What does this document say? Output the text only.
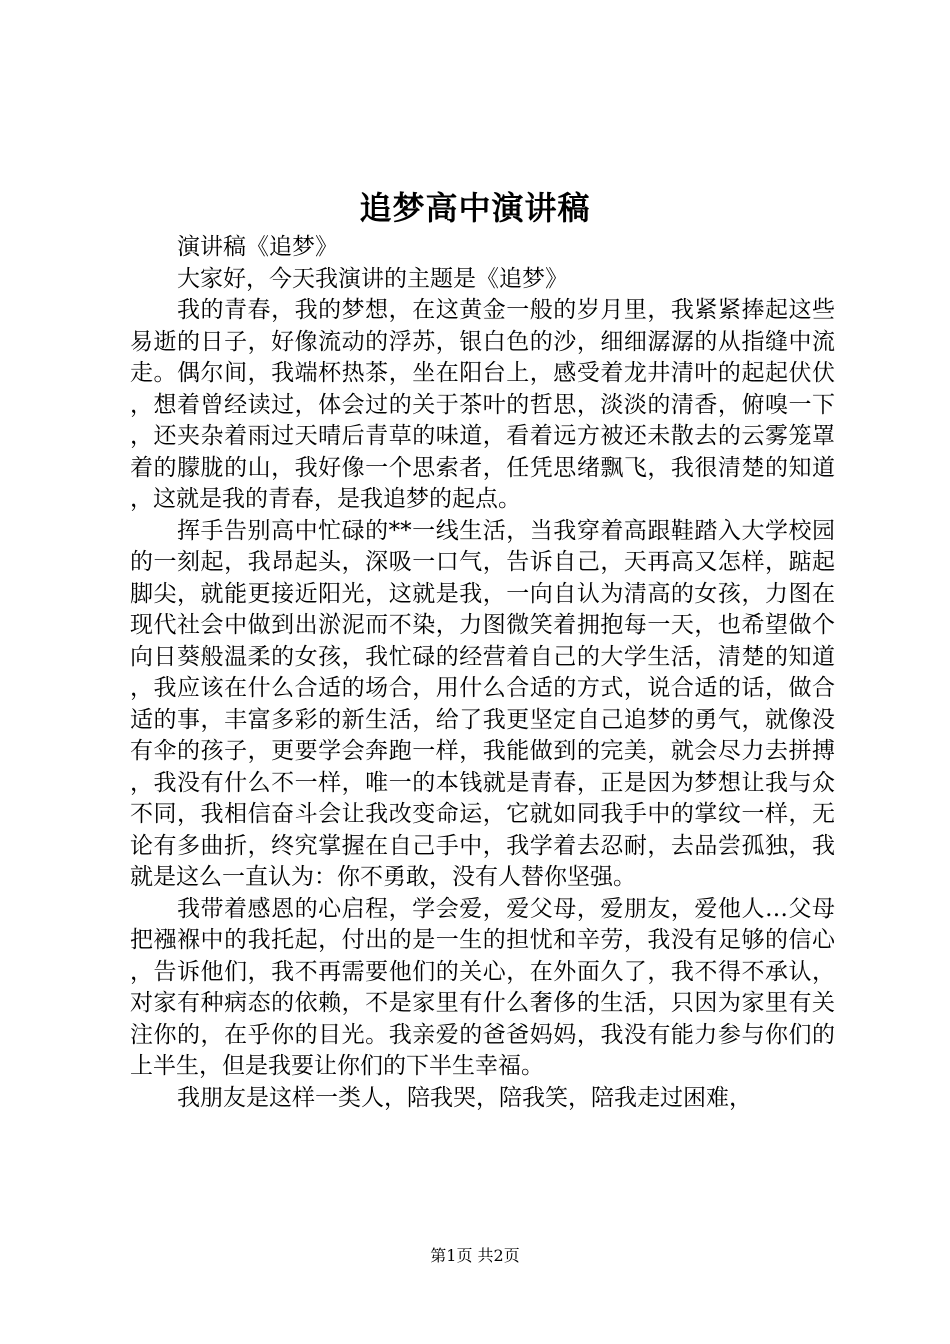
追梦高中演讲稿

演讲稿《追梦》

大家好，今天我演讲的主题是《追梦》

我的青春，我的梦想，在这黄金一般的岁月里，我紧紧捧起这些易逝的日子，好像流动的浮苏，银白色的沙，细细潺潺的从指缝中流走。偶尔间，我端杯热茶，坐在阳台上，感受着龙井清叶的起起伏伏，想着曾经读过，体会过的关于茶叶的哲思，淡淡的清香，俯嗅一下，还夹杂着雨过天晴后青草的味道，看着远方被还未散去的云雾笼罩着的朦胧的山，我好像一个思索者，任凭思绪飘飞，我很清楚的知道，这就是我的青春，是我追梦的起点。

挥手告别高中忙碌的**一线生活，当我穿着高跟鞋踏入大学校园的一刻起，我昂起头，深吸一口气，告诉自己，天再高又怎样，踮起脚尖，就能更接近阳光，这就是我，一向自认为清高的女孩，力图在现代社会中做到出淤泥而不染，力图微笑着拥抱每一天，也希望做个向日葵般温柔的女孩，我忙碌的经营着自己的大学生活，清楚的知道，我应该在什么合适的场合，用什么合适的方式，说合适的话，做合适的事，丰富多彩的新生活，给了我更坚定自己追梦的勇气，就像没有伞的孩子，更要学会奔跑一样，我能做到的完美，就会尽力去拼搏，我没有什么不一样，唯一的本钱就是青春，正是因为梦想让我与众不同，我相信奋斗会让我改变命运，它就如同我手中的掌纹一样，无论有多曲折，终究掌握在自己手中，我学着去忍耐，去品尝孤独，我就是这么一直认为：你不勇敢，没有人替你坚强。

我带着感恩的心启程，学会爱，爱父母，爱朋友，爱他人…父母把襁褓中的我托起，付出的是一生的担忧和辛劳，我没有足够的信心，告诉他们，我不再需要他们的关心，在外面久了，我不得不承认，对家有种病态的依赖，不是家里有什么奢侈的生活，只因为家里有关注你的，在乎你的目光。我亲爱的爸爸妈妈，我没有能力参与你们的上半生，但是我要让你们的下半生幸福。

我朋友是这样一类人，陪我哭，陪我笑，陪我走过困难，

第1页 共2页
